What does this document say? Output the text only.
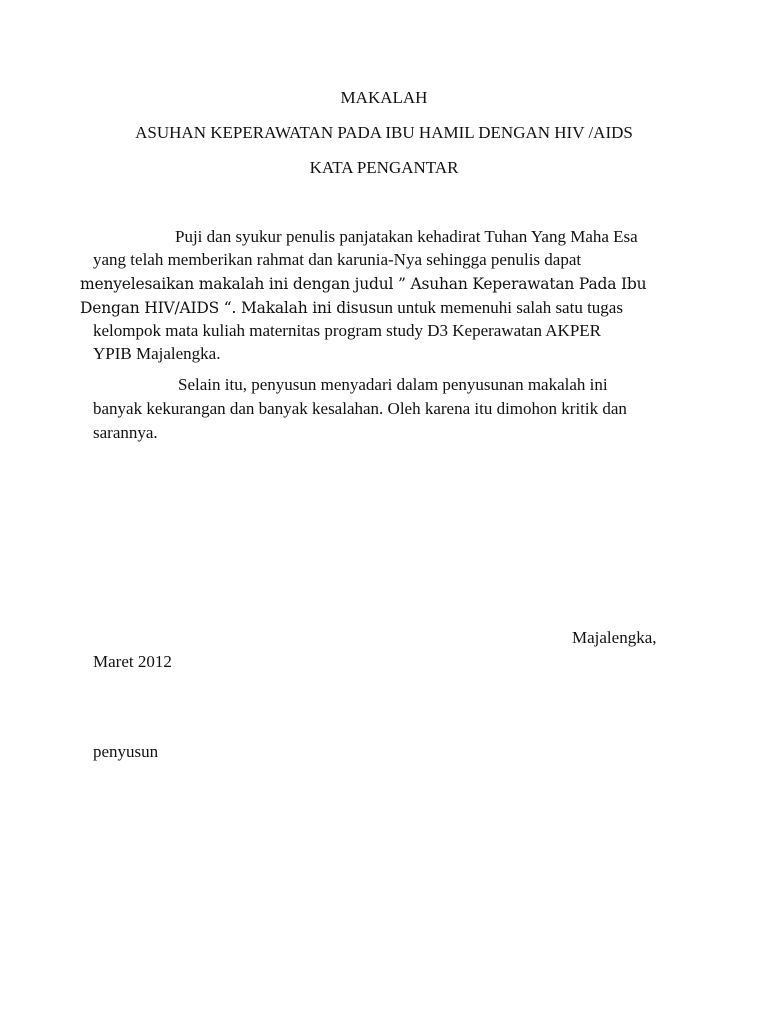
MAKALAH

ASUHAN KEPERAWATAN PADA IBU HAMIL DENGAN HIV /AIDS

KATA PENGANTAR

Puji dan syukur penulis panjatakan kehadirat Tuhan Yang Maha Esa

yang telah memberikan rahmat dan karunia-Nya sehingga penulis dapat

menyelesaikan makalah ini dengan judul ” Asuhan Keperawatan Pada Ibu

Dengan HIV/AIDS “. Makalah ini disusun untuk memenuhi salah satu tugas

kelompok mata kuliah maternitas program study D3 Keperawatan AKPER

YPIB Majalengka.

Selain itu, penyusun menyadari dalam penyusunan makalah ini

banyak kekurangan dan banyak kesalahan. Oleh karena itu dimohon kritik dan

sarannya.

Majalengka,

Maret 2012

penyusun
